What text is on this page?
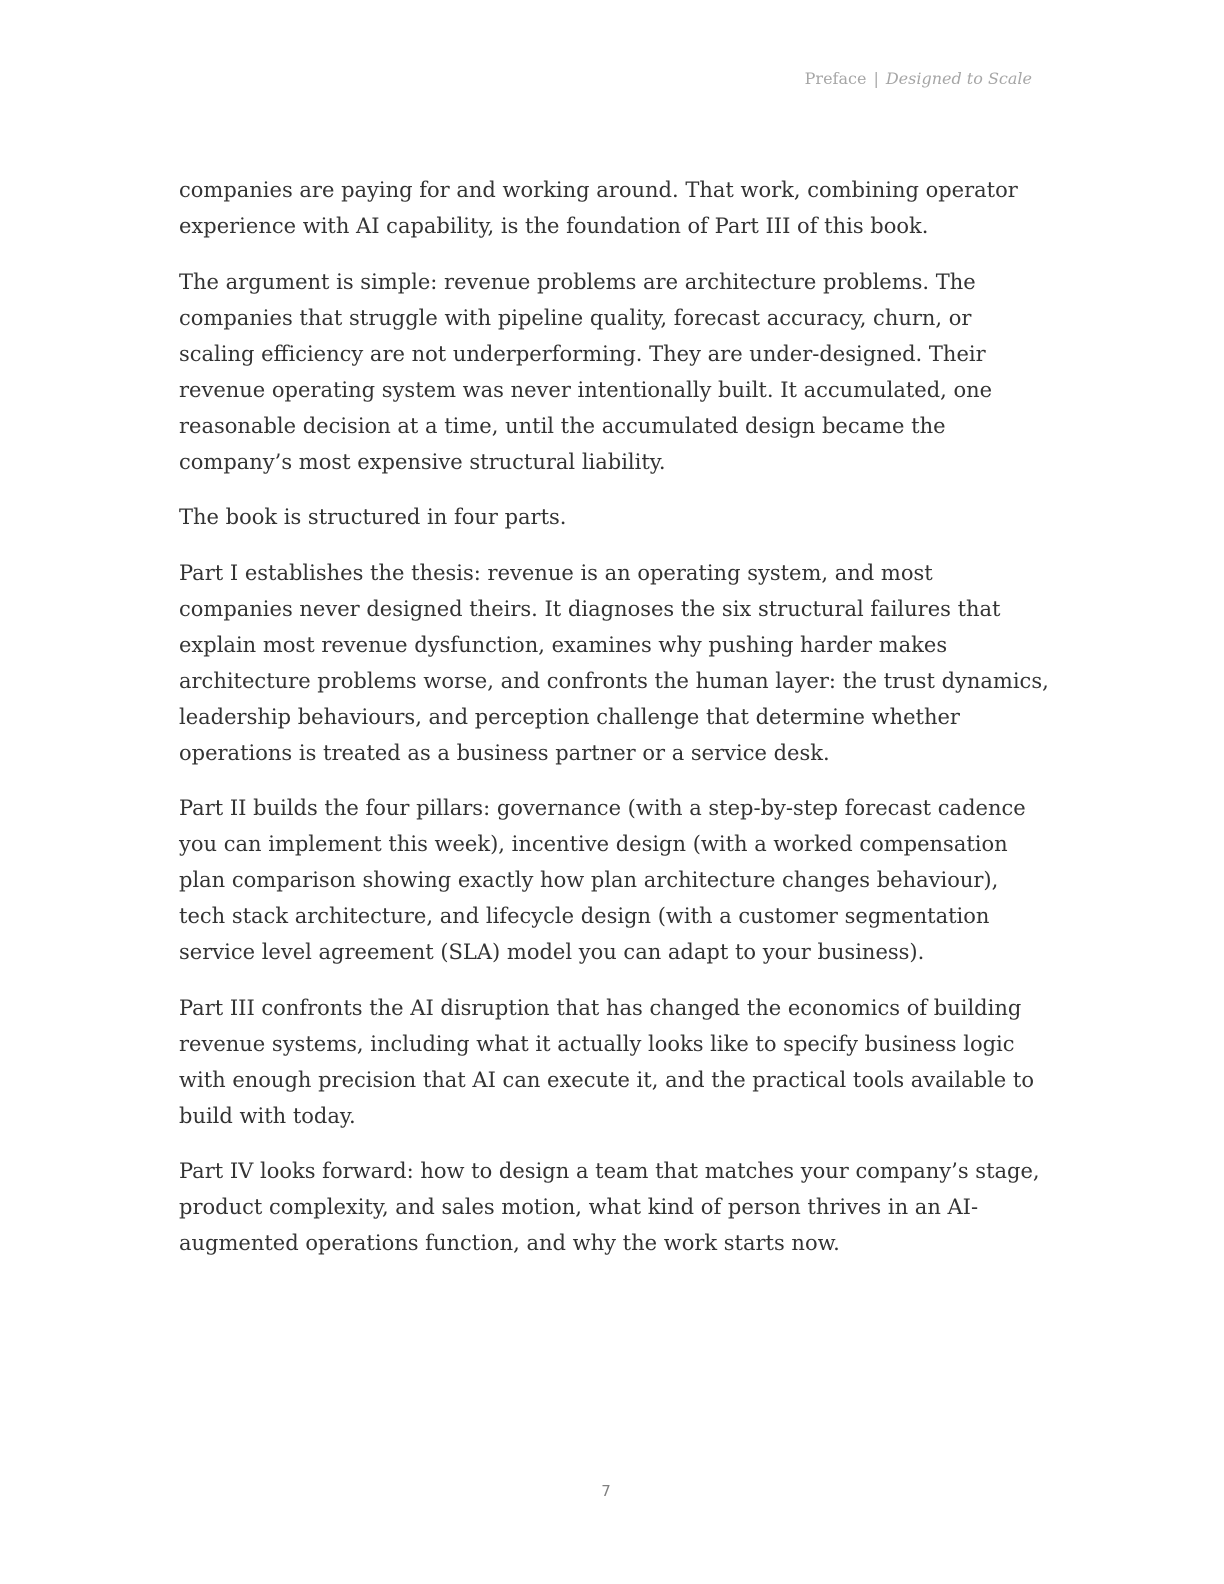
Preface | Designed to Scale

companies are paying for and working around. That work, combining operator experience with AI capability, is the foundation of Part III of this book.

The argument is simple: revenue problems are architecture problems. The companies that struggle with pipeline quality, forecast accuracy, churn, or scaling efficiency are not underperforming. They are under-designed. Their revenue operating system was never intentionally built. It accumulated, one reasonable decision at a time, until the accumulated design became the company’s most expensive structural liability.

The book is structured in four parts.

Part I establishes the thesis: revenue is an operating system, and most companies never designed theirs. It diagnoses the six structural failures that explain most revenue dysfunction, examines why pushing harder makes architecture problems worse, and confronts the human layer: the trust dynamics, leadership behaviours, and perception challenge that determine whether operations is treated as a business partner or a service desk.

Part II builds the four pillars: governance (with a step-by-step forecast cadence you can implement this week), incentive design (with a worked compensation plan comparison showing exactly how plan architecture changes behaviour), tech stack architecture, and lifecycle design (with a customer segmentation service level agreement (SLA) model you can adapt to your business).

Part III confronts the AI disruption that has changed the economics of building revenue systems, including what it actually looks like to specify business logic with enough precision that AI can execute it, and the practical tools available to build with today.

Part IV looks forward: how to design a team that matches your company’s stage, product complexity, and sales motion, what kind of person thrives in an AI-augmented operations function, and why the work starts now.

7
